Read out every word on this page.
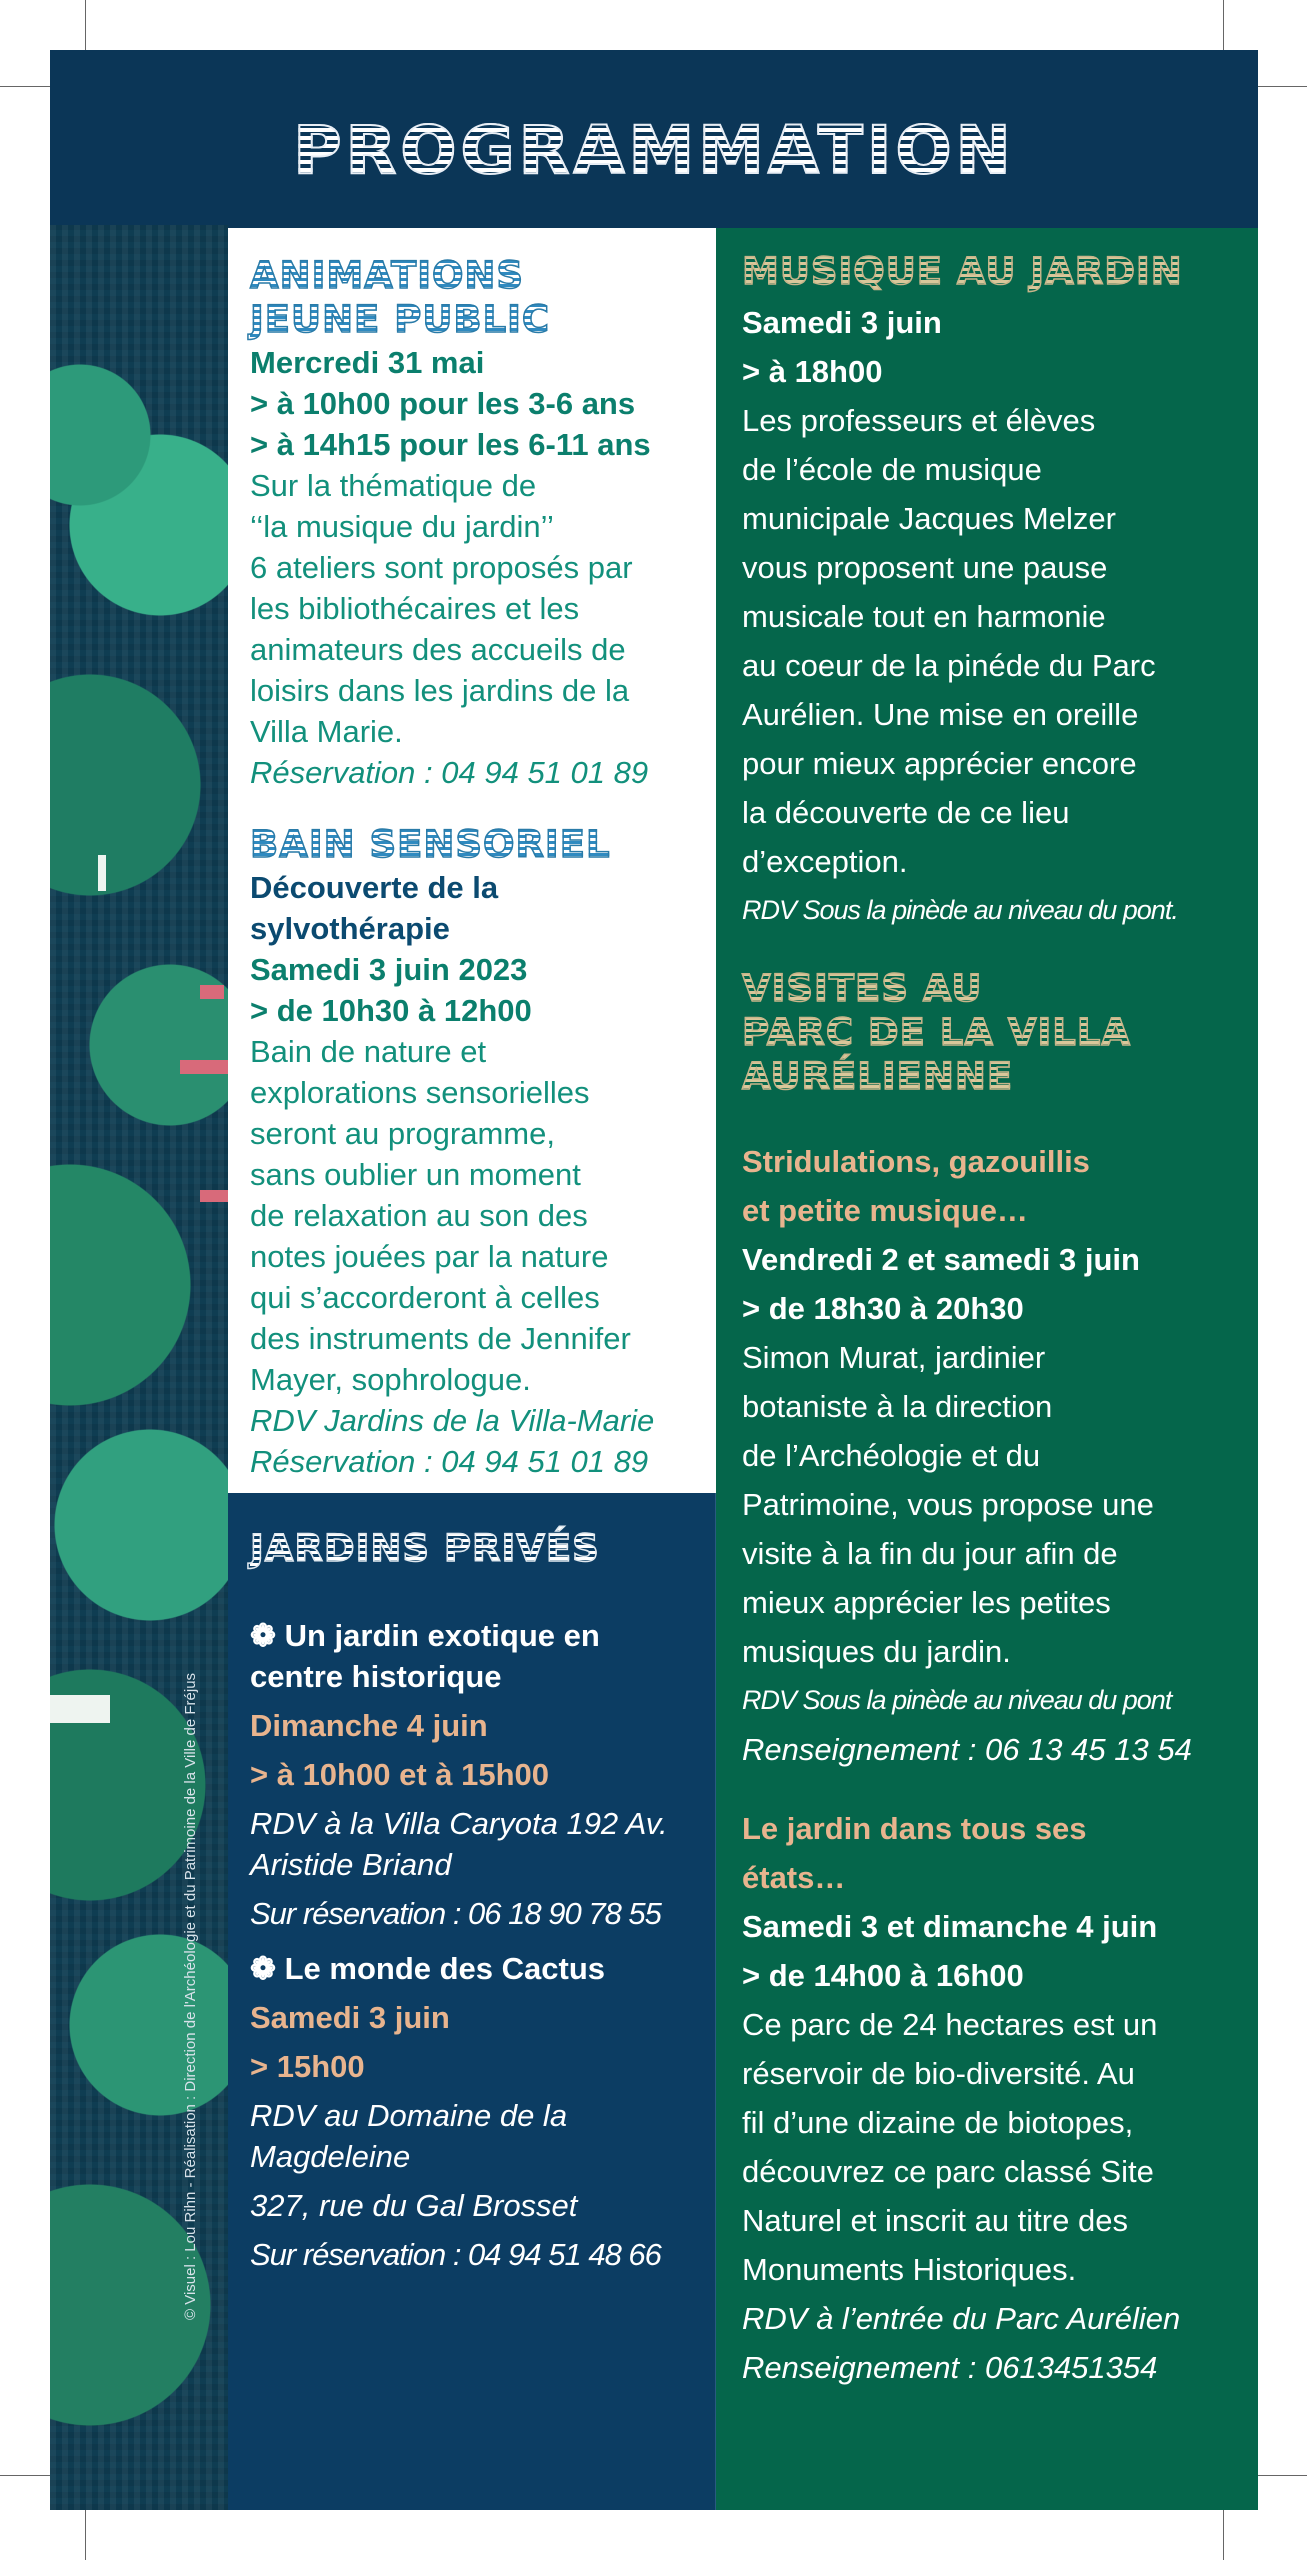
PROGRAMMATION
© Visuel : Lou Rihn - Réalisation : Direction de l'Archéologie et du Patrimoine de la Ville de Fréjus
ANIMATIONS
JEUNE PUBLIC
Mercredi 31 mai
> à 10h00 pour les 3-6 ans
> à 14h15 pour les 6-11 ans
Sur la thématique de
‘‘la musique du jardin’’
6 ateliers sont proposés par
les bibliothécaires et les
animateurs des accueils de
loisirs dans les jardins de la
Villa Marie.
Réservation : 04 94 51 01 89
BAIN SENSORIEL
Découverte de la
sylvothérapie
Samedi 3 juin 2023
> de 10h30 à 12h00
Bain de nature et
explorations sensorielles
seront au programme,
sans oublier un moment
de relaxation au son des
notes jouées par la nature
qui s’accorderont à celles
des instruments de Jennifer
Mayer, sophrologue.
RDV Jardins de la Villa-Marie
Réservation : 04 94 51 01 89
JARDINS PRIVÉS
❁ Un jardin exotique en
centre historique
Dimanche 4 juin
> à 10h00 et à 15h00
RDV à la Villa Caryota 192 Av.
Aristide Briand
Sur réservation : 06 18 90 78 55
❁ Le monde des Cactus
Samedi 3 juin
> 15h00
RDV au Domaine de la
Magdeleine
327, rue du Gal Brosset
Sur réservation : 04 94 51 48 66
MUSIQUE AU JARDIN
Samedi 3 juin
> à 18h00
Les professeurs et élèves
de l’école de musique
municipale Jacques Melzer
vous proposent une pause
musicale tout en harmonie
au coeur de la pinéde du Parc
Aurélien. Une mise en oreille
pour mieux apprécier encore
la découverte de ce lieu
d’exception.
RDV Sous la pinède au niveau du pont.
VISITES AU
PARC DE LA VILLA
AURÉLIENNE
Stridulations, gazouillis
et petite musique…
Vendredi 2 et samedi 3 juin
> de 18h30 à 20h30
Simon Murat, jardinier
botaniste à la direction
de l’Archéologie et du
Patrimoine, vous propose une
visite à la fin du jour afin de
mieux apprécier les petites
musiques du jardin.
RDV Sous la pinède au niveau du pont
Renseignement : 06 13 45 13 54
Le jardin dans tous ses
états…
Samedi 3 et dimanche 4 juin
> de 14h00 à 16h00
Ce parc de 24 hectares est un
réservoir de bio-diversité. Au
fil d’une dizaine de biotopes,
découvrez ce parc classé Site
Naturel et inscrit au titre des
Monuments Historiques.
RDV à l’entrée du Parc Aurélien
Renseignement : 0613451354
